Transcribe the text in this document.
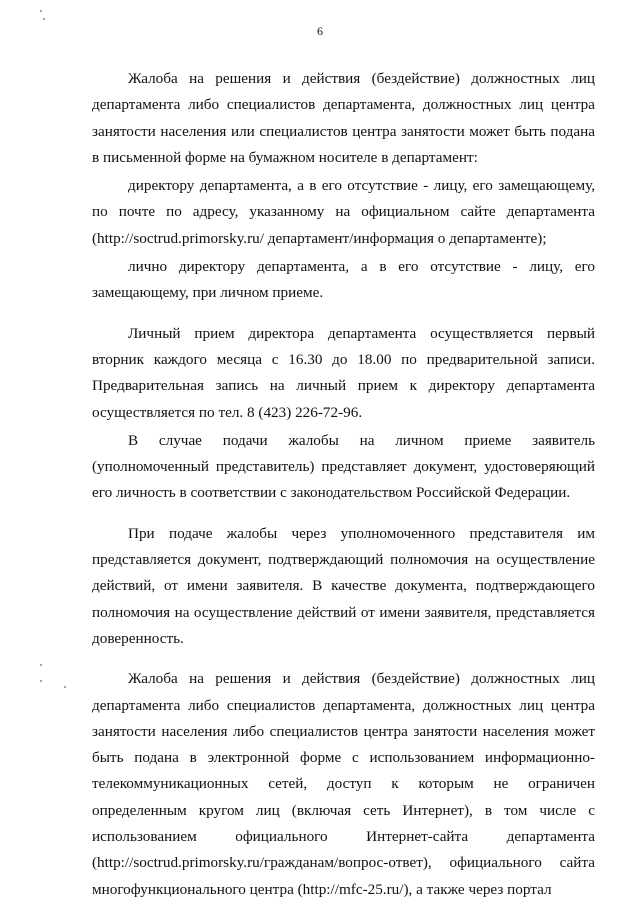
6

Жалоба на решения и действия (бездействие) должностных лиц департамента либо специалистов департамента, должностных лиц центра занятости населения или специалистов центра занятости может быть подана в письменной форме на бумажном носителе в департамент:

директору департамента, а в его отсутствие - лицу, его замещающему, по почте по адресу, указанному на официальном сайте департамента (http://soctrud.primorsky.ru/ департамент/информация о департаменте);

лично директору департамента, а в его отсутствие - лицу, его замещающему, при личном приеме.

Личный прием директора департамента осуществляется первый вторник каждого месяца с 16.30 до 18.00 по предварительной записи. Предварительная запись на личный прием к директору департамента осуществляется по тел. 8 (423) 226-72-96.

В случае подачи жалобы на личном приеме заявитель (уполномоченный представитель) представляет документ, удостоверяющий его личность в соответствии с законодательством Российской Федерации.

При подаче жалобы через уполномоченного представителя им представляется документ, подтверждающий полномочия на осуществление действий, от имени заявителя. В качестве документа, подтверждающего полномочия на осуществление действий от имени заявителя, представляется доверенность.

Жалоба на решения и действия (бездействие) должностных лиц департамента либо специалистов департамента, должностных лиц центра занятости населения либо специалистов центра занятости населения может быть подана в электронной форме с использованием информационно-телекоммуникационных сетей, доступ к которым не ограничен определенным кругом лиц (включая сеть Интернет), в том числе с использованием официального Интернет-сайта департамента (http://soctrud.primorsky.ru/гражданам/вопрос-ответ), официального сайта многофункционального центра (http://mfc-25.ru/), а также через портал
